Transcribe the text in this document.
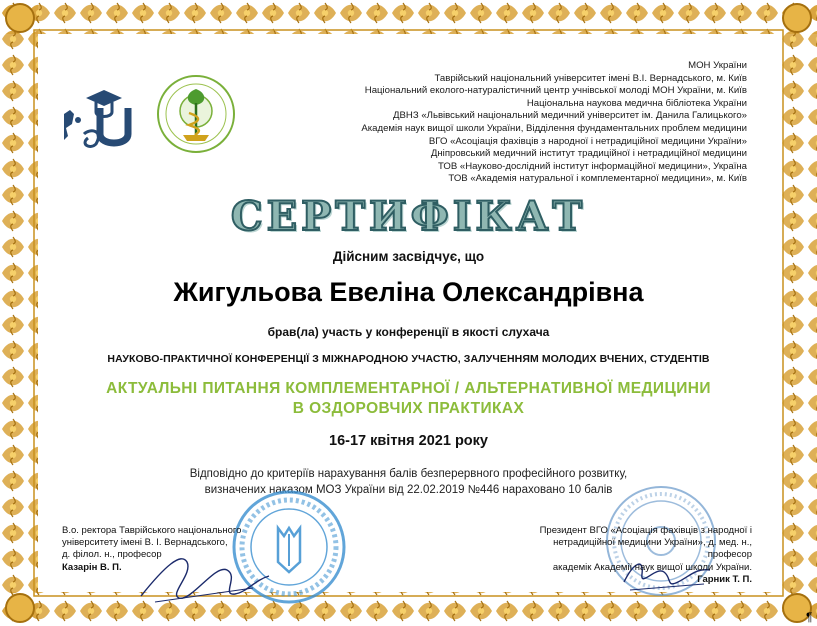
МОН України
Таврійський національний університет імені В.І. Вернадського, м. Київ
Національний еколого-натуралістичний центр учнівської молоді МОН України, м. Київ
Національна наукова медична бібліотека України
ДВНЗ «Львівський національний медичний університет ім. Данила Галицького»
Академія наук вищої школи України, Відділення фундаментальних проблем медицини
ВГО «Асоціація фахівців з народної і нетрадиційної медицини України»
Дніпровський медичний інститут традиційної і нетрадиційної медицини
ТОВ «Науково-дослідний інститут інформаційної медицини», Україна
ТОВ «Академія натуральної і комплементарної медицини», м. Київ
СЕРТИФІКАТ
Дійсним засвідчує, що
Жигульова Евеліна Олександрівна
брав(ла) участь у конференції в якості слухача
НАУКОВО-ПРАКТИЧНОЇ КОНФЕРЕНЦІЇ З МІЖНАРОДНОЮ УЧАСТЮ, ЗАЛУЧЕННЯМ МОЛОДИХ ВЧЕНИХ, СТУДЕНТІВ
АКТУАЛЬНІ ПИТАННЯ КОМПЛЕМЕНТАРНОЇ / АЛЬТЕРНАТИВНОЇ МЕДИЦИНИ
В ОЗДОРОВЧИХ ПРАКТИКАХ
16-17 квітня 2021 року
Відповідно до критеріїв нарахування балів безперервного професійного розвитку,
визначених наказом МОЗ України від 22.02.2019 №446 нараховано 10 балів
В.о. ректора Таврійського національного
університету імені В. І. Вернадського,
д. філол. н., професор
Казарін В. П.
Президент ВГО «Асоціація фахівців з народної і
нетрадиційної медицини України», д. мед. н., професор
академік Академії наук вищої школи України.
Гарник Т. П.
¶
